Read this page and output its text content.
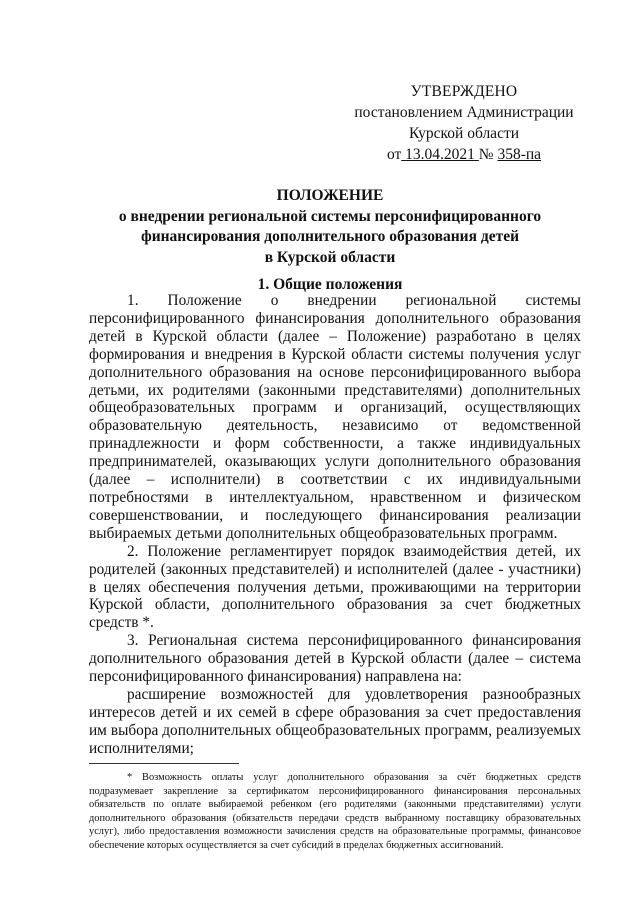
УТВЕРЖДЕНО
постановлением Администрации
Курской области
от 13.04.2021 № 358-па
ПОЛОЖЕНИЕ
о внедрении региональной системы персонифицированного
финансирования дополнительного образования детей
в Курской области
1. Общие положения

1. Положение о внедрении региональной системы персонифицированного финансирования дополнительного образования детей в Курской области (далее – Положение) разработано в целях формирования и внедрения в Курской области системы получения услуг дополнительного образования на основе персонифицированного выбора детьми, их родителями (законными представителями) дополнительных общеобразовательных программ и организаций, осуществляющих образовательную деятельность, независимо от ведомственной принадлежности и форм собственности, а также индивидуальных предпринимателей, оказывающих услуги дополнительного образования (далее – исполнители) в соответствии с их индивидуальными потребностями в интеллектуальном, нравственном и физическом совершенствовании, и последующего финансирования реализации выбираемых детьми дополнительных общеобразовательных программ.

2. Положение регламентирует порядок взаимодействия детей, их родителей (законных представителей) и исполнителей (далее - участники) в целях обеспечения получения детьми, проживающими на территории Курской области, дополнительного образования за счет бюджетных средств *.

3. Региональная система персонифицированного финансирования дополнительного образования детей в Курской области (далее – система персонифицированного финансирования) направлена на:

расширение возможностей для удовлетворения разнообразных интересов детей и их семей в сфере образования за счет предоставления им выбора дополнительных общеобразовательных программ, реализуемых исполнителями;

* Возможность оплаты услуг дополнительного образования за счёт бюджетных средств подразумевает закрепление за сертификатом персонифицированного финансирования персональных обязательств по оплате выбираемой ребенком (его родителями (законными представителями) услуги дополнительного образования (обязательств передачи средств выбранному поставщику образовательных услуг), либо предоставления возможности зачисления средств на образовательные программы, финансовое обеспечение которых осуществляется за счет субсидий в пределах бюджетных ассигнований.
